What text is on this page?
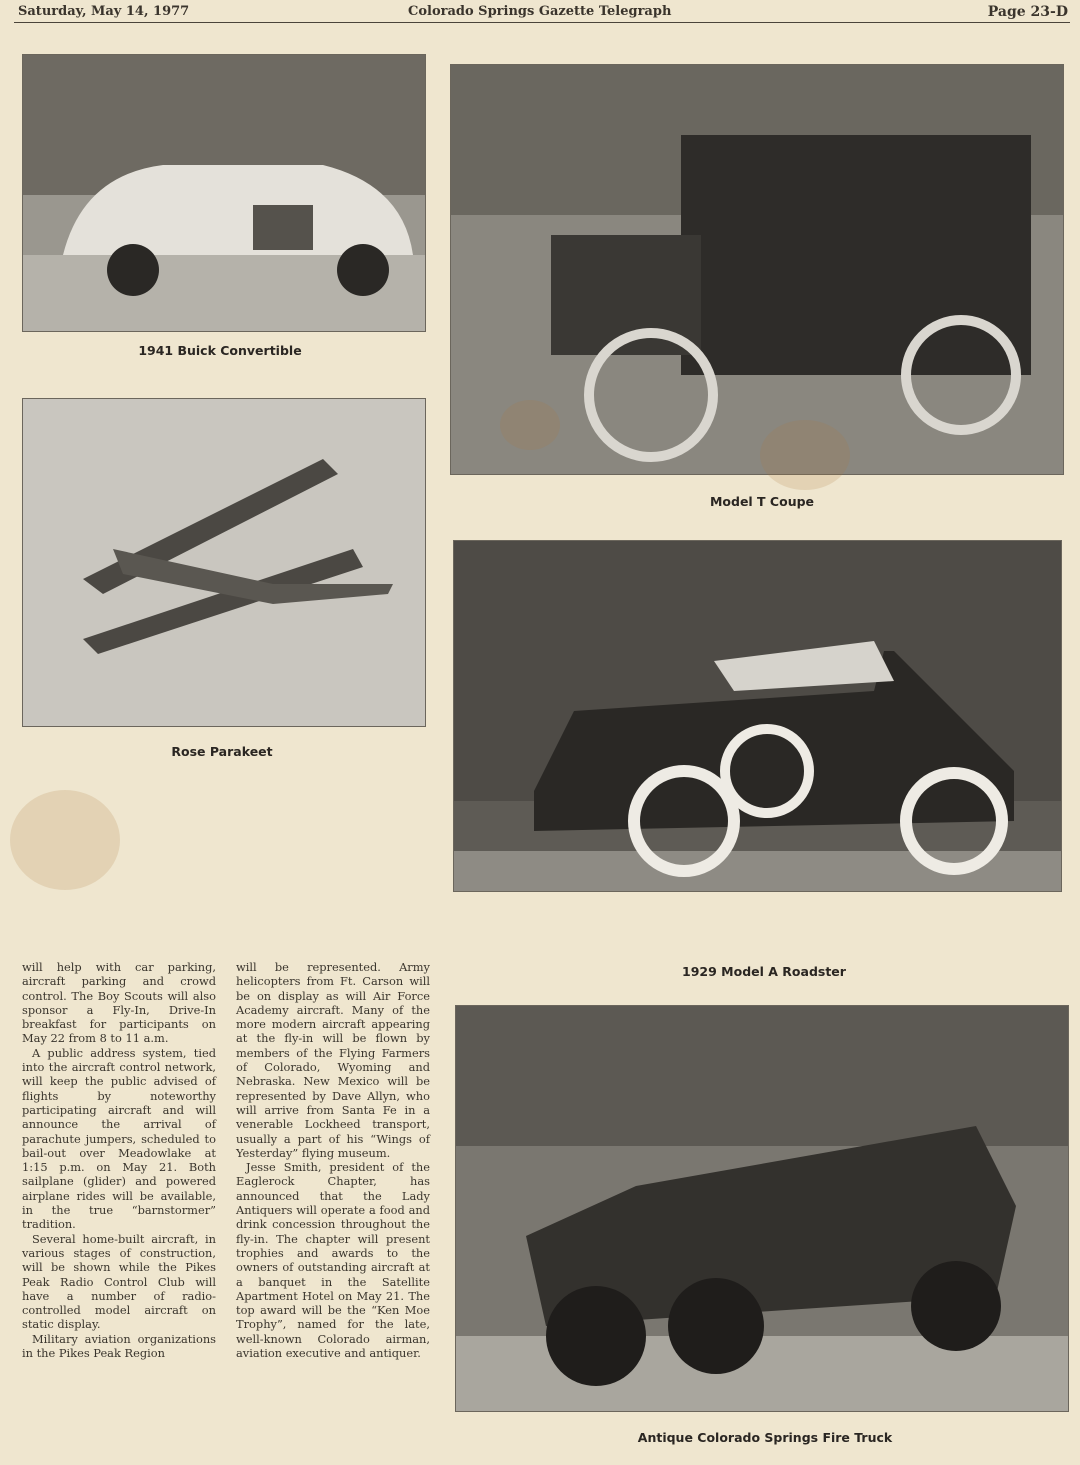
Saturday, May 14, 1977	Colorado Springs Gazette Telegraph	Page 23-D
1941 Buick Convertible
Model T Coupe
Rose Parakeet
1929 Model A Roadster
Antique Colorado Springs Fire Truck

will help with car parking, aircraft parking and crowd control. The Boy Scouts will also sponsor a Fly-In, Drive-In breakfast for participants on May 22 from 8 to 11 a.m.

A public address system, tied into the aircraft control network, will keep the public advised of flights by noteworthy participating aircraft and will announce the arrival of parachute jumpers, scheduled to bail-out over Meadowlake at 1:15 p.m. on May 21. Both sailplane (glider) and powered airplane rides will be available, in the true “barnstormer” tradition.

Several home-built aircraft, in various stages of construction, will be shown while the Pikes Peak Radio Control Club will have a number of radio-controlled model aircraft on static display.

Military aviation organizations in the Pikes Peak Region

will be represented. Army helicopters from Ft. Carson will be on display as will Air Force Academy aircraft. Many of the more modern aircraft appearing at the fly-in will be flown by members of the Flying Farmers of Colorado, Wyoming and Nebraska. New Mexico will be represented by Dave Allyn, who will arrive from Santa Fe in a venerable Lockheed transport, usually a part of his “Wings of Yesterday” flying museum.

Jesse Smith, president of the Eaglerock Chapter, has announced that the Lady Antiquers will operate a food and drink concession throughout the fly-in. The chapter will present trophies and awards to the owners of outstanding aircraft at a banquet in the Satellite Apartment Hotel on May 21. The top award will be the “Ken Moe Trophy”, named for the late, well-known Colorado airman, aviation executive and antiquer.
